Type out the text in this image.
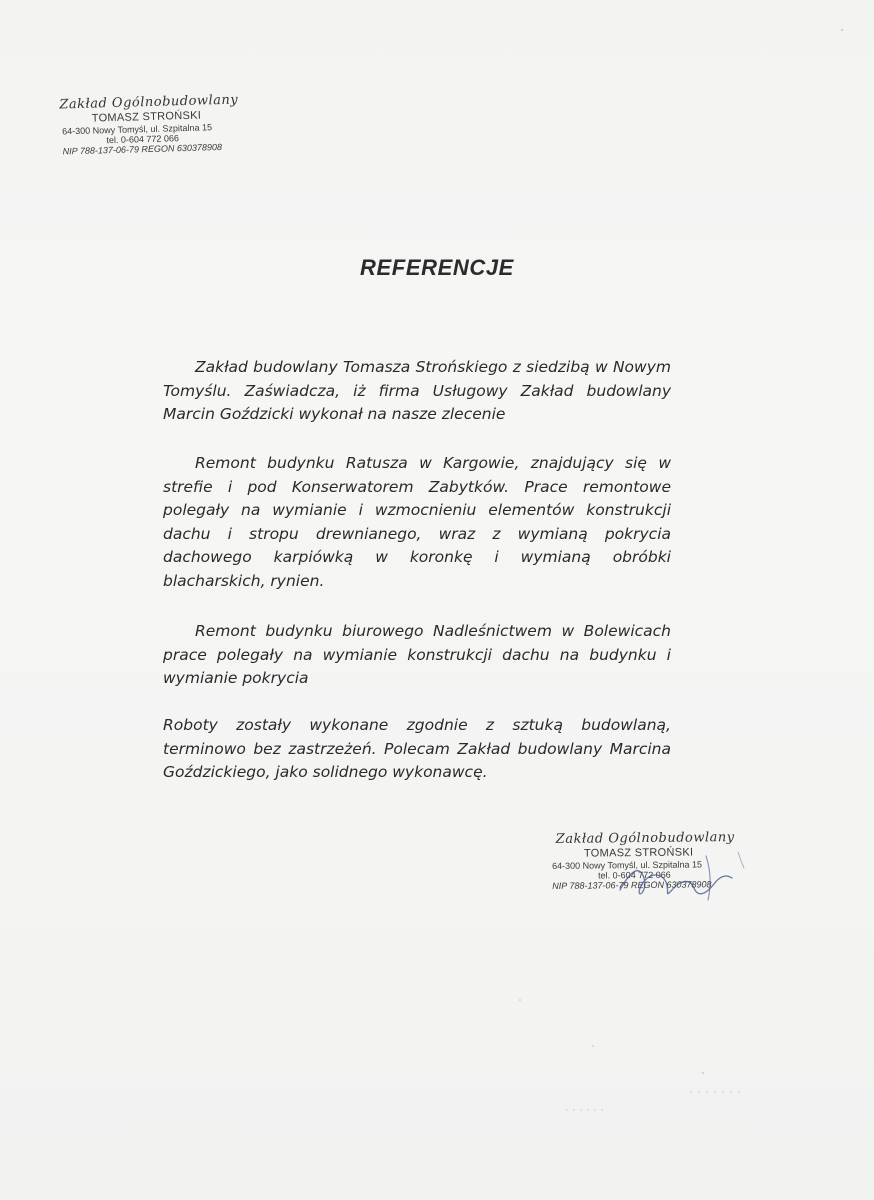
Zakład Ogólnobudowlany
TOMASZ STROŃSKI
64-300 Nowy Tomyśl, ul. Szpitalna 15
tel. 0-604 772 066
NIP 788-137-06-79 REGON 630378908
REFERENCJE

Zakład budowlany Tomasza Strońskiego z siedzibą w Nowym Tomyślu. Zaświadcza, iż firma Usługowy Zakład budowlany Marcin Goździcki wykonał na nasze zlecenie

Remont budynku Ratusza w Kargowie, znajdujący się w strefie i pod Konserwatorem Zabytków. Prace remontowe polegały na wymianie i wzmocnieniu elementów konstrukcji dachu i stropu drewnianego, wraz z wymianą pokrycia dachowego karpiówką w koronkę i wymianą obróbki blacharskich, rynien.

Remont budynku biurowego Nadleśnictwem w Bolewicach prace polegały na wymianie konstrukcji dachu na budynku i wymianie pokrycia

Roboty zostały wykonane zgodnie z sztuką budowlaną, terminowo bez zastrzeżeń. Polecam Zakład budowlany Marcina Goździckiego, jako solidnego wykonawcę.

Zakład Ogólnobudowlany
TOMASZ STROŃSKI
64-300 Nowy Tomyśl, ul. Szpitalna 15
tel. 0-604 772 066
NIP 788-137-06-79 REGON 630378908
